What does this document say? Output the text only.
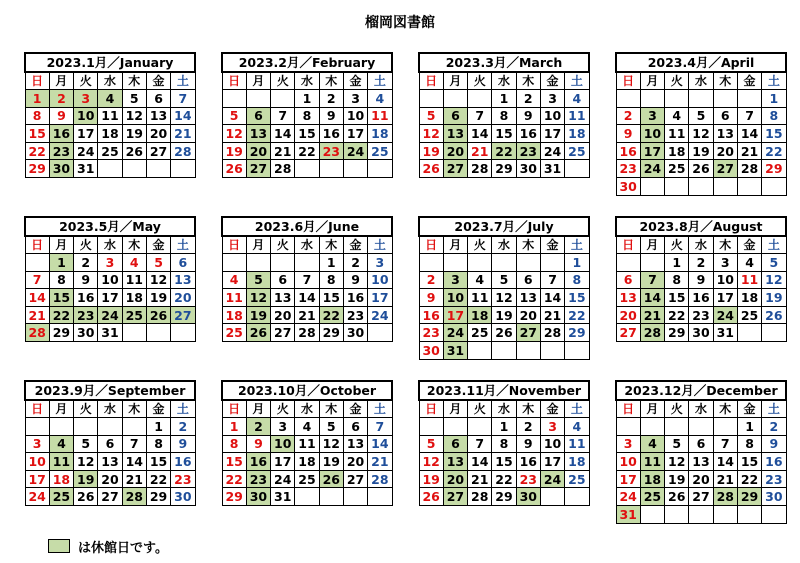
榴岡図書館
2023.1月／January						
日	月	火	水	木	金	土
1	2	3	4	5	6	7
8	9	10	11	12	13	14
15	16	17	18	19	20	21
22	23	24	25	26	27	28
29	30	31				
2023.2月／February						
日	月	火	水	木	金	土
			1	2	3	4
5	6	7	8	9	10	11
12	13	14	15	16	17	18
19	20	21	22	23	24	25
26	27	28				
2023.3月／March						
日	月	火	水	木	金	土
			1	2	3	4
5	6	7	8	9	10	11
12	13	14	15	16	17	18
19	20	21	22	23	24	25
26	27	28	29	30	31	
2023.4月／April						
日	月	火	水	木	金	土
						1
2	3	4	5	6	7	8
9	10	11	12	13	14	15
16	17	18	19	20	21	22
23	24	25	26	27	28	29
30						
2023.5月／May						
日	月	火	水	木	金	土
	1	2	3	4	5	6
7	8	9	10	11	12	13
14	15	16	17	18	19	20
21	22	23	24	25	26	27
28	29	30	31			
2023.6月／June						
日	月	火	水	木	金	土
				1	2	3
4	5	6	7	8	9	10
11	12	13	14	15	16	17
18	19	20	21	22	23	24
25	26	27	28	29	30	
2023.7月／July						
日	月	火	水	木	金	土
						1
2	3	4	5	6	7	8
9	10	11	12	13	14	15
16	17	18	19	20	21	22
23	24	25	26	27	28	29
30	31					
2023.8月／August						
日	月	火	水	木	金	土
		1	2	3	4	5
6	7	8	9	10	11	12
13	14	15	16	17	18	19
20	21	22	23	24	25	26
27	28	29	30	31		
2023.9月／September						
日	月	火	水	木	金	土
					1	2
3	4	5	6	7	8	9
10	11	12	13	14	15	16
17	18	19	20	21	22	23
24	25	26	27	28	29	30
2023.10月／October						
日	月	火	水	木	金	土
1	2	3	4	5	6	7
8	9	10	11	12	13	14
15	16	17	18	19	20	21
22	23	24	25	26	27	28
29	30	31				
2023.11月／November						
日	月	火	水	木	金	土
			1	2	3	4
5	6	7	8	9	10	11
12	13	14	15	16	17	18
19	20	21	22	23	24	25
26	27	28	29	30		
2023.12月／December						
日	月	火	水	木	金	土
					1	2
3	4	5	6	7	8	9
10	11	12	13	14	15	16
17	18	19	20	21	22	23
24	25	26	27	28	29	30
31						
は休館日です。
